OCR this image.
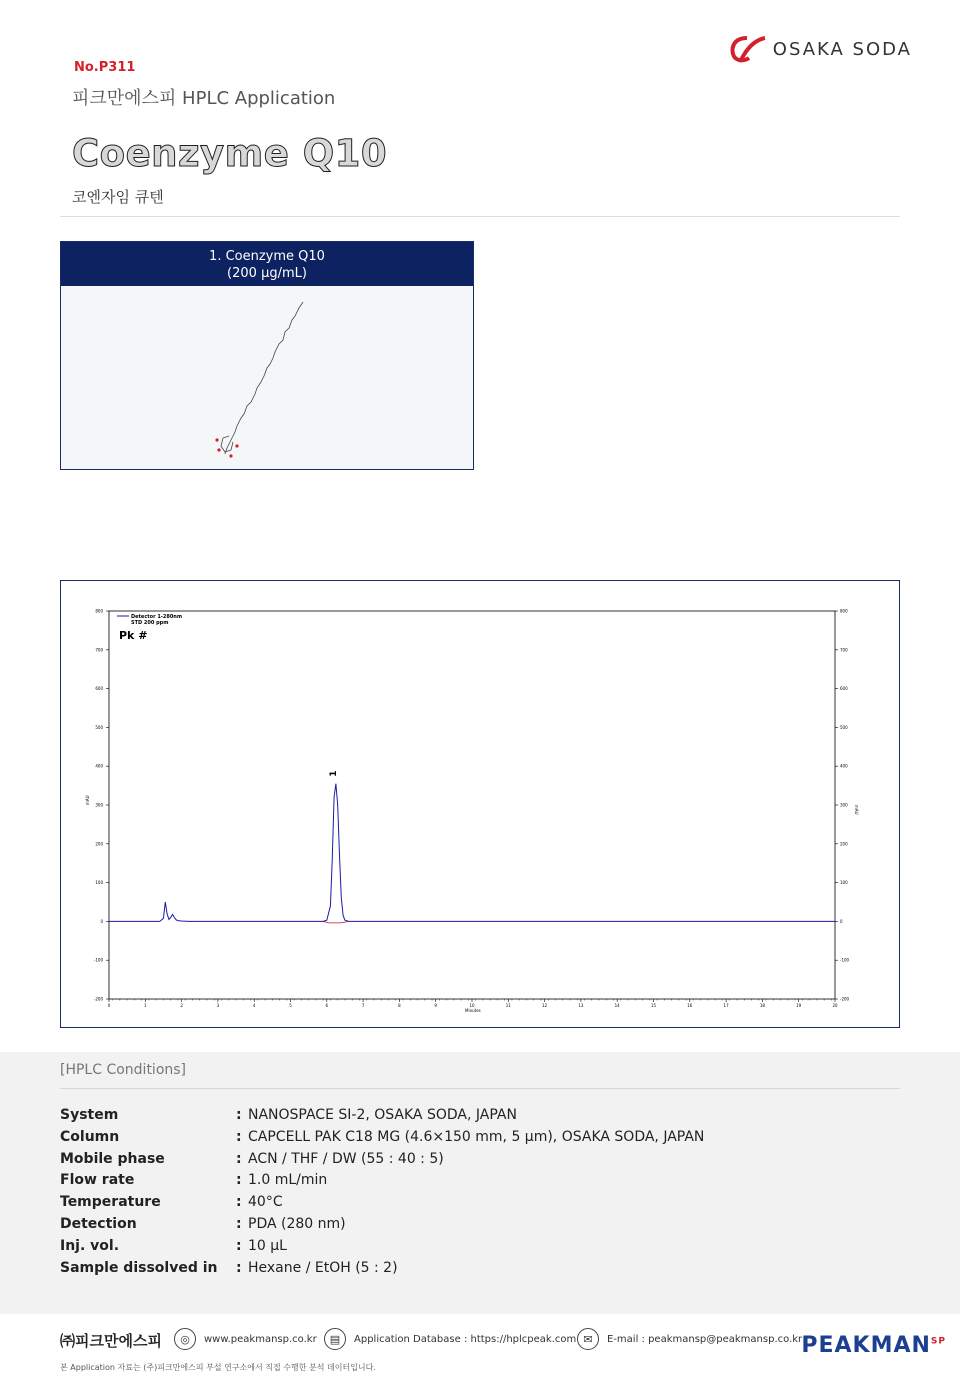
No.P311
피크만에스피 HPLC Application
OSAKA SODA
Coenzyme Q10
코엔자임 큐텐
1. Coenzyme Q10
(200 μg/mL)
-200
-100
0
100
200
300
400
500
600
700
800
-200
-100
0
100
200
300
400
500
600
700
800
0	1	2	3	4	5	6	7	8	9	10	11	12	13	14	15	16	17	18	19	20
Detector 1-280nm
STD 200 ppm
Pk #
mAU
mAU
Minutes
1
[HPLC Conditions]
System	: NANOSPACE SI-2, OSAKA SODA, JAPAN
Column	: CAPCELL PAK C18 MG (4.6×150 mm, 5 μm), OSAKA SODA, JAPAN
Mobile phase	: ACN / THF / DW (55 : 40 : 5)
Flow rate	: 1.0 mL/min
Temperature	: 40°C
Detection	: PDA (280 nm)
Inj. vol.	: 10 μL
Sample dissolved in	: Hexane / EtOH (5 : 2)
㈜피크만에스피	◎	www.peakmansp.co.kr	▤	Application Database : https://hplcpeak.com ✉	E-mail : peakmansp@peakmansp.co.kr
본 Application 자료는 (주)피크만에스피 부설 연구소에서 직접 수행한 분석 데이터입니다.
$PEAKMAN^{SP}$
